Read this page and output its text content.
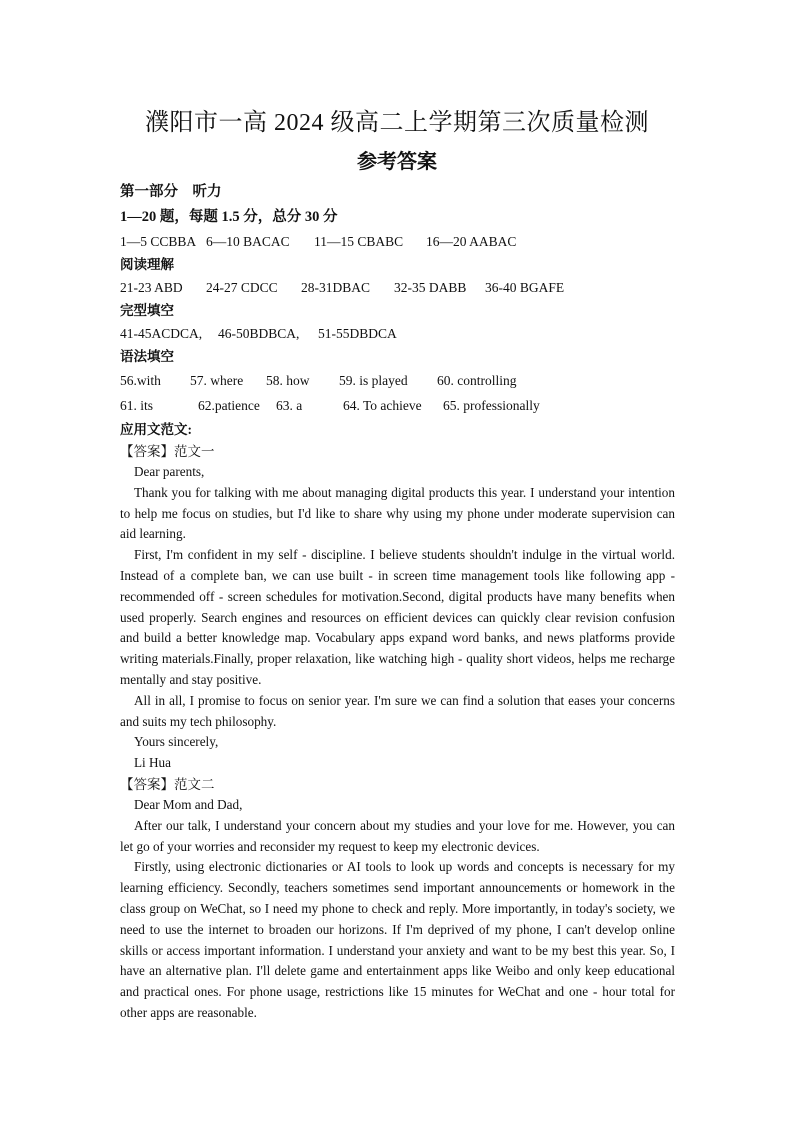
濮阳市一高 2024 级高二上学期第三次质量检测
参考答案
第一部分　听力
1—20 题，每题 1.5 分，总分 30 分
1—5 CCBBA 6—10 BACAC 11—15 CBABC 16—20 AABAC
阅读理解
21-23 ABD 24-27 CDCC 28-31DBAC 32-35 DABB 36-40 BGAFE
完型填空
41-45ACDCA, 46-50BDBCA, 51-55DBDCA
语法填空
56.with 57. where 58. how 59. is played 60. controlling
61. its	62.patience 63. a	64. To achieve 65. professionally
应用文范文:
【答案】范文一
Dear parents,
Thank you for talking with me about managing digital products this year. I understand your intention to help me focus on studies, but I'd like to share why using my phone under moderate supervision can aid learning.
First, I'm confident in my self - discipline. I believe students shouldn't indulge in the virtual world. Instead of a complete ban, we can use built - in screen time management tools like following app - recommended off - screen schedules for motivation.Second, digital products have many benefits when used properly. Search engines and resources on efficient devices can quickly clear revision confusion and build a better knowledge map. Vocabulary apps expand word banks, and news platforms provide writing materials.Finally, proper relaxation, like watching high - quality short videos, helps me recharge mentally and stay positive.
All in all, I promise to focus on senior year. I'm sure we can find a solution that eases your concerns and suits my tech philosophy.
Yours sincerely,
Li Hua
【答案】范文二
Dear Mom and Dad,
After our talk, I understand your concern about my studies and your love for me. However, you can let go of your worries and reconsider my request to keep my electronic devices.
Firstly, using electronic dictionaries or AI tools to look up words and concepts is necessary for my learning efficiency. Secondly, teachers sometimes send important announcements or homework in the class group on WeChat, so I need my phone to check and reply. More importantly, in today's society, we need to use the internet to broaden our horizons. If I'm deprived of my phone, I can't develop online skills or access important information. I understand your anxiety and want to be my best this year. So, I have an alternative plan. I'll delete game and entertainment apps like Weibo and only keep educational and practical ones. For phone usage, restrictions like 15 minutes for WeChat and one - hour total for other apps are reasonable.
